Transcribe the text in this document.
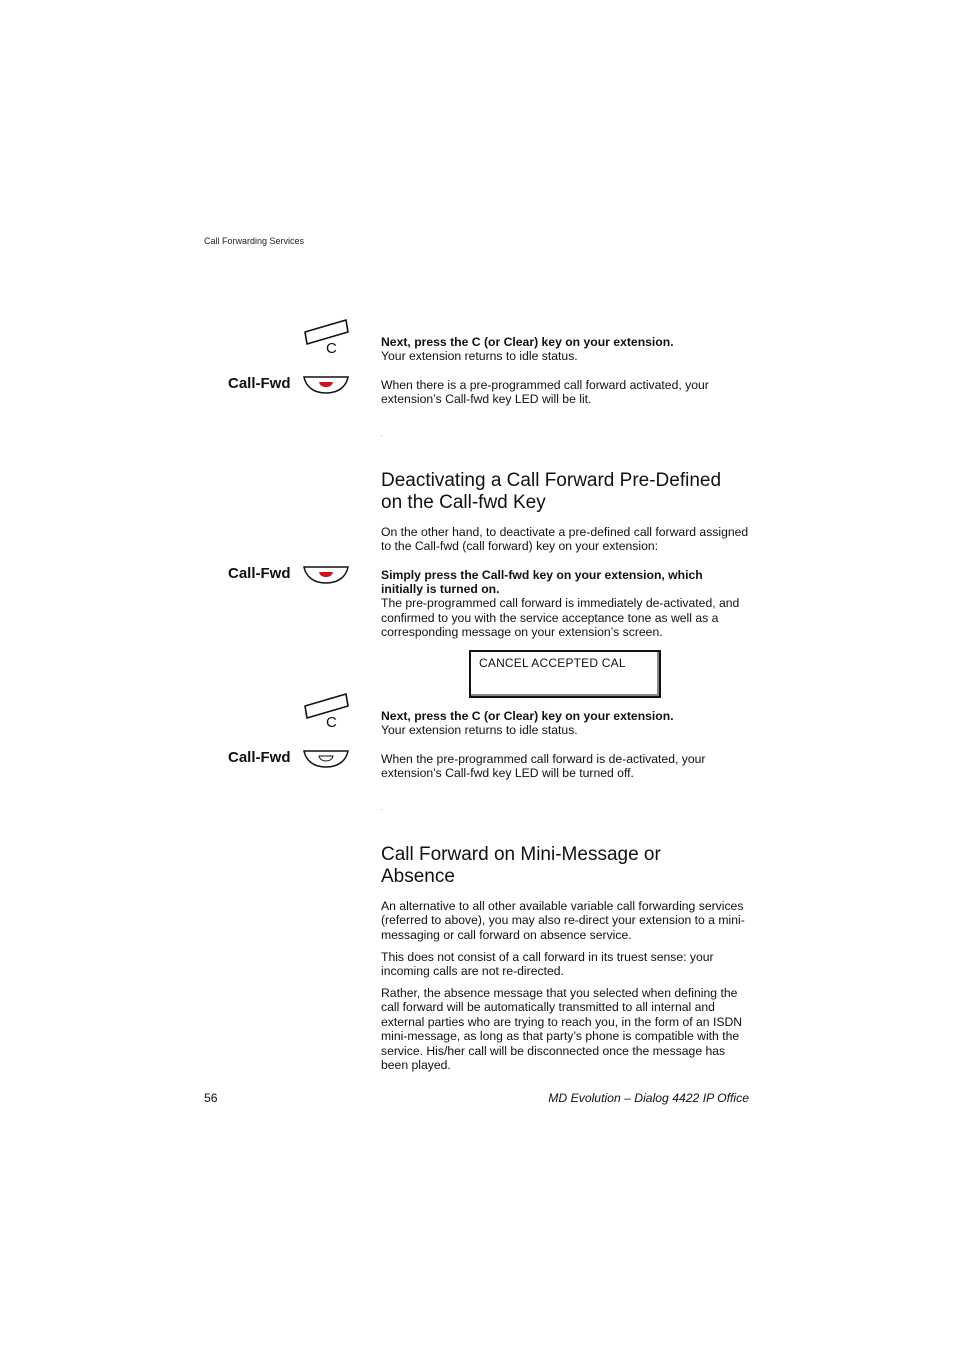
Call Forwarding Services
C	Next, press the C (or Clear) key on your extension.
Your extension returns to idle status.
Call-Fwd	When there is a pre-programmed call forward activated, your
extension’s Call-fwd key LED will be lit.
.
Deactivating a Call Forward Pre-Defined
on the Call-fwd Key
On the other hand, to deactivate a pre-defined call forward assigned
to the Call-fwd (call forward) key on your extension:
Call-Fwd	Simply press the Call-fwd key on your extension, which
initially is turned on.
The pre-programmed call forward is immediately de-activated, and
confirmed to you with the service acceptance tone as well as a
corresponding message on your extension’s screen.
CANCEL ACCEPTED CAL
C	Next, press the C (or Clear) key on your extension.
Your extension returns to idle status.
Call-Fwd	When the pre-programmed call forward is de-activated, your
extension’s Call-fwd key LED will be turned off.
.
Call Forward on Mini-Message or
Absence
An alternative to all other available variable call forwarding services
(referred to above), you may also re-direct your extension to a mini-
messaging or call forward on absence service.
This does not consist of a call forward in its truest sense: your
incoming calls are not re-directed.
Rather, the absence message that you selected when defining the
call forward will be automatically transmitted to all internal and
external parties who are trying to reach you, in the form of an ISDN
mini-message, as long as that party’s phone is compatible with the
service. His/her call will be disconnected once the message has
been played.
56	MD Evolution – Dialog 4422 IP Office
